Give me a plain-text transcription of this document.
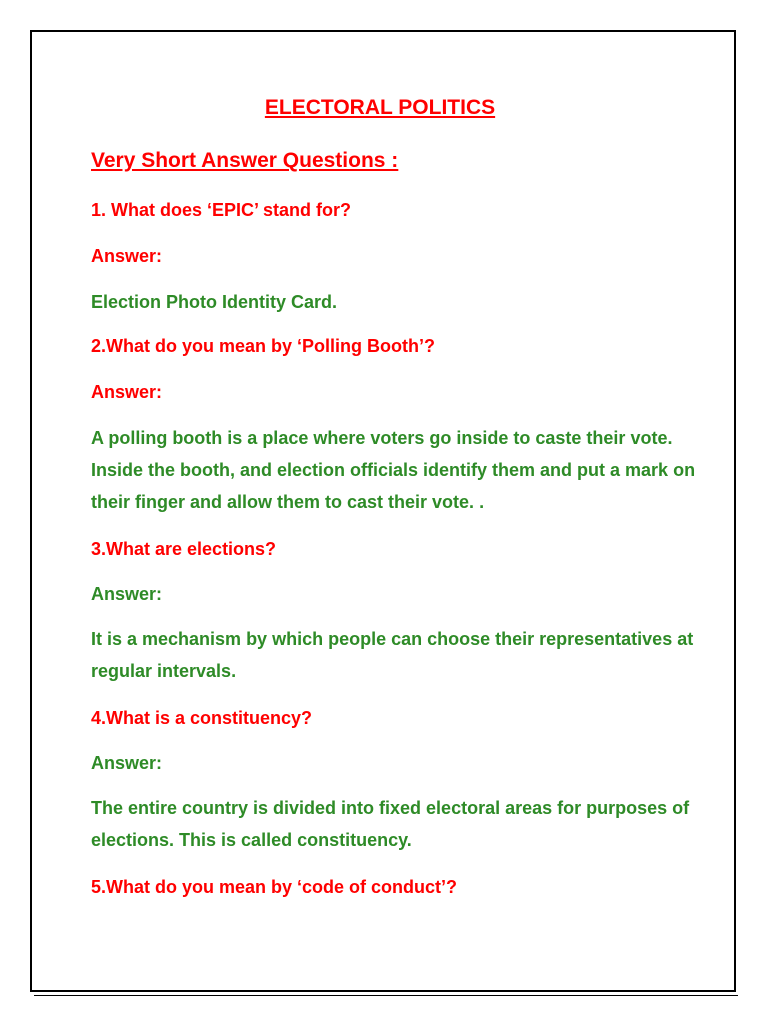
ELECTORAL POLITICS
Very Short Answer Questions :

1. What does ‘EPIC’ stand for?

Answer:

Election Photo Identity Card.

2.What do you mean by ‘Polling Booth’?

Answer:

A polling booth is a place where voters go inside to caste their vote. Inside the booth, and election officials identify them and put a mark on their finger and allow them to cast their vote. .

3.What are elections?

Answer:

It is a mechanism by which people can choose their representatives at regular intervals.

4.What is a constituency?

Answer:

The entire country is divided into fixed electoral areas for purposes of elections. This is called constituency.

5.What do you mean by ‘code of conduct’?
